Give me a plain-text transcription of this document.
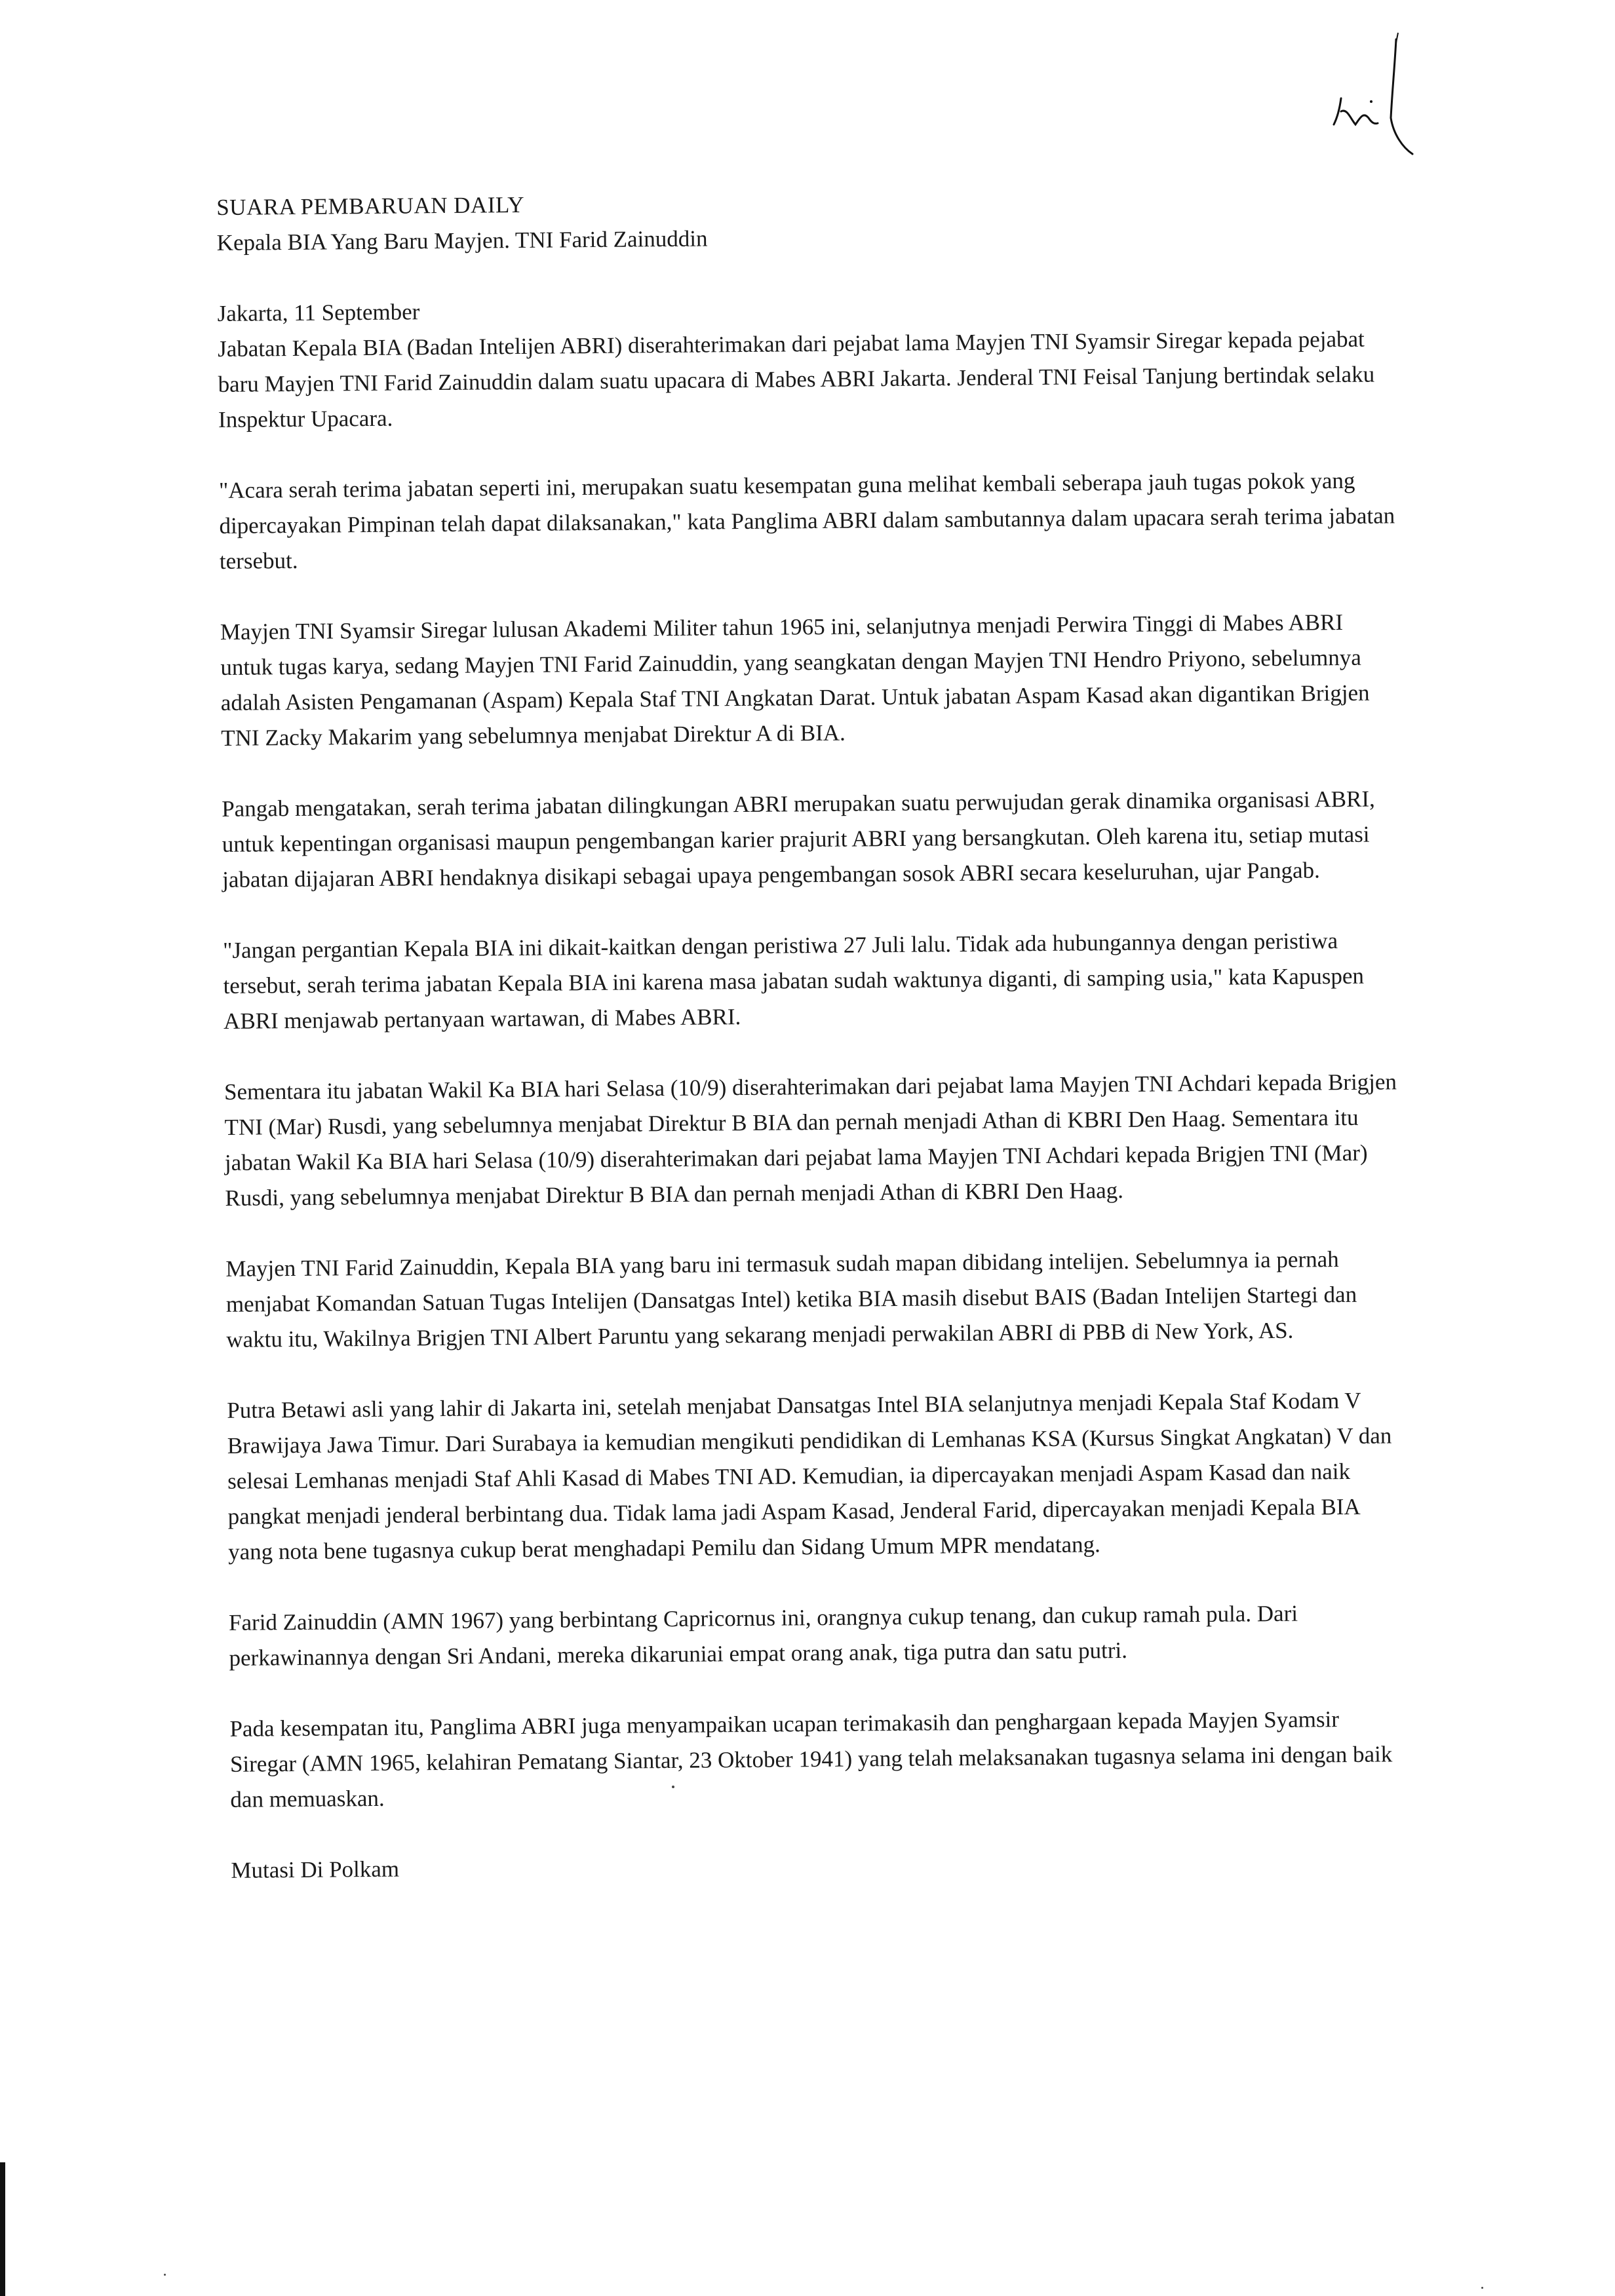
SUARA PEMBARUAN DAILY

Kepala BIA Yang Baru Mayjen. TNI Farid Zainuddin

Jakarta, 11 September

Jabatan Kepala BIA (Badan Intelijen ABRI) diserahterimakan dari pejabat lama Mayjen TNI Syamsir Siregar kepada pejabat baru Mayjen TNI Farid Zainuddin dalam suatu upacara di Mabes ABRI Jakarta. Jenderal TNI Feisal Tanjung bertindak selaku Inspektur Upacara.

"Acara serah terima jabatan seperti ini, merupakan suatu kesempatan guna melihat kembali seberapa jauh tugas pokok yang dipercayakan Pimpinan telah dapat dilaksanakan," kata Panglima ABRI dalam sambutannya dalam upacara serah terima jabatan tersebut.

Mayjen TNI Syamsir Siregar lulusan Akademi Militer tahun 1965 ini, selanjutnya menjadi Perwira Tinggi di Mabes ABRI untuk tugas karya, sedang Mayjen TNI Farid Zainuddin, yang seangkatan dengan Mayjen TNI Hendro Priyono, sebelumnya adalah Asisten Pengamanan (Aspam) Kepala Staf TNI Angkatan Darat. Untuk jabatan Aspam Kasad akan digantikan Brigjen TNI Zacky Makarim yang sebelumnya menjabat Direktur A di BIA.

Pangab mengatakan, serah terima jabatan dilingkungan ABRI merupakan suatu perwujudan gerak dinamika organisasi ABRI, untuk kepentingan organisasi maupun pengembangan karier prajurit ABRI yang bersangkutan. Oleh karena itu, setiap mutasi jabatan dijajaran ABRI hendaknya disikapi sebagai upaya pengembangan sosok ABRI secara keseluruhan, ujar Pangab.

"Jangan pergantian Kepala BIA ini dikait-kaitkan dengan peristiwa 27 Juli lalu. Tidak ada hubungannya dengan peristiwa tersebut, serah terima jabatan Kepala BIA ini karena masa jabatan sudah waktunya diganti, di samping usia," kata Kapuspen ABRI menjawab pertanyaan wartawan, di Mabes ABRI.

Sementara itu jabatan Wakil Ka BIA hari Selasa (10/9) diserahterimakan dari pejabat lama Mayjen TNI Achdari kepada Brigjen TNI (Mar) Rusdi, yang sebelumnya menjabat Direktur B BIA dan pernah menjadi Athan di KBRI Den Haag. Sementara itu jabatan Wakil Ka BIA hari Selasa (10/9) diserahterimakan dari pejabat lama Mayjen TNI Achdari kepada Brigjen TNI (Mar) Rusdi, yang sebelumnya menjabat Direktur B BIA dan pernah menjadi Athan di KBRI Den Haag.

Mayjen TNI Farid Zainuddin, Kepala BIA yang baru ini termasuk sudah mapan dibidang intelijen. Sebelumnya ia pernah menjabat Komandan Satuan Tugas Intelijen (Dansatgas Intel) ketika BIA masih disebut BAIS (Badan Intelijen Startegi dan waktu itu, Wakilnya Brigjen TNI Albert Paruntu yang sekarang menjadi perwakilan ABRI di PBB di New York, AS.

Putra Betawi asli yang lahir di Jakarta ini, setelah menjabat Dansatgas Intel BIA selanjutnya menjadi Kepala Staf Kodam V Brawijaya Jawa Timur. Dari Surabaya ia kemudian mengikuti pendidikan di Lemhanas KSA (Kursus Singkat Angkatan) V dan selesai Lemhanas menjadi Staf Ahli Kasad di Mabes TNI AD. Kemudian, ia dipercayakan menjadi Aspam Kasad dan naik pangkat menjadi jenderal berbintang dua. Tidak lama jadi Aspam Kasad, Jenderal Farid, dipercayakan menjadi Kepala BIA yang nota bene tugasnya cukup berat menghadapi Pemilu dan Sidang Umum MPR mendatang.

Farid Zainuddin (AMN 1967) yang berbintang Capricornus ini, orangnya cukup tenang, dan cukup ramah pula. Dari perkawinannya dengan Sri Andani, mereka dikaruniai empat orang anak, tiga putra dan satu putri.

Pada kesempatan itu, Panglima ABRI juga menyampaikan ucapan terimakasih dan penghargaan kepada Mayjen Syamsir Siregar (AMN 1965, kelahiran Pematang Siantar, 23 Oktober 1941) yang telah melaksanakan tugasnya selama ini dengan baik dan memuaskan.

Mutasi Di Polkam
